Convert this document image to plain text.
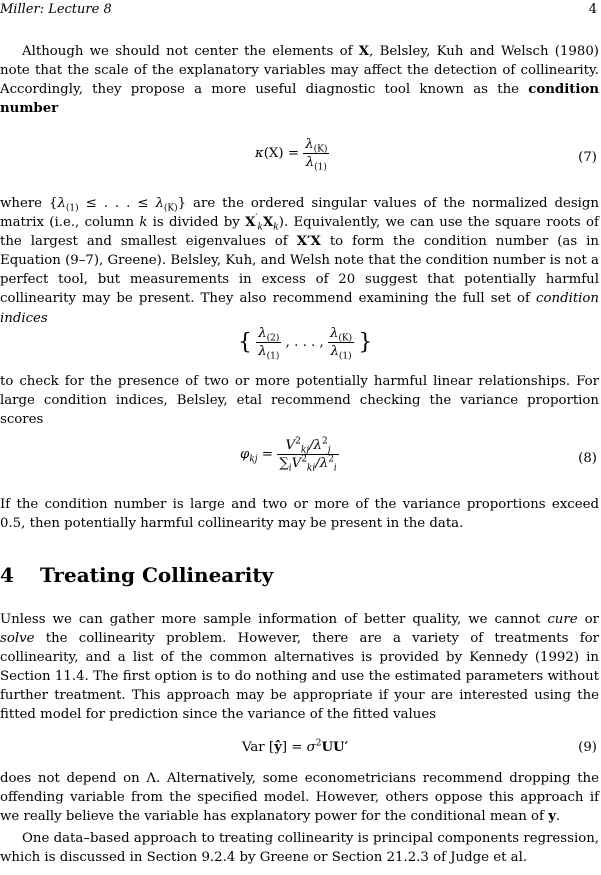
Miller: Lecture 8	4

Although we should not center the elements of X, Belsley, Kuh and Welsch (1980) note that the scale of the explanatory variables may affect the detection of collinearity. Accordingly, they propose a more useful diagnostic tool known as the condition number

$\kappa(X) = \frac{\lambda_{(K)}}{\lambda_{(1)}}$	(7)

where {$\lambda_{(1)}$ ≤ . . . ≤ $\lambda_{(K)}$} are the ordered singular values of the normalized design matrix (i.e., column k is divided by $X'_kX_k$). Equivalently, we can use the square roots of the largest and smallest eigenvalues of X′X to form the condition number (as in Equation (9–7), Greene). Belsley, Kuh, and Welsh note that the condition number is not a perfect tool, but measurements in excess of 20 suggest that potentially harmful collinearity may be present. They also recommend examining the full set of condition indices

{ $\frac{\lambda_{(2)}}{\lambda_{(1)}}$ , . . . , $\frac{\lambda_{(K)}}{\lambda_{(1)}}$ }

to check for the presence of two or more potentially harmful linear relationships. For large condition indices, Belsley, etal recommend checking the variance proportion scores

$\varphi_{kj} = \frac{V^2_{kj}/\lambda^2_j}{\sum_iV^2_{ki}/\lambda^2_i}$	(8)

If the condition number is large and two or more of the variance proportions exceed 0.5, then potentially harmful collinearity may be present in the data.

4 Treating Collinearity

Unless we can gather more sample information of better quality, we cannot cure or solve the collinearity problem. However, there are a variety of treatments for collinearity, and a list of the common alternatives is provided by Kennedy (1992) in Section 11.4. The first option is to do nothing and use the estimated parameters without further treatment. This approach may be appropriate if your are interested using the fitted model for prediction since the variance of the fitted values

Var [ŷ] = $\sigma^2UU'$	(9)

does not depend on Λ. Alternatively, some econometricians recommend dropping the offending variable from the specified model. However, others oppose this approach if we really believe the variable has explanatory power for the conditional mean of y.

One data–based approach to treating collinearity is principal components regression, which is discussed in Section 9.2.4 by Greene or Section 21.2.3 of Judge et al.
